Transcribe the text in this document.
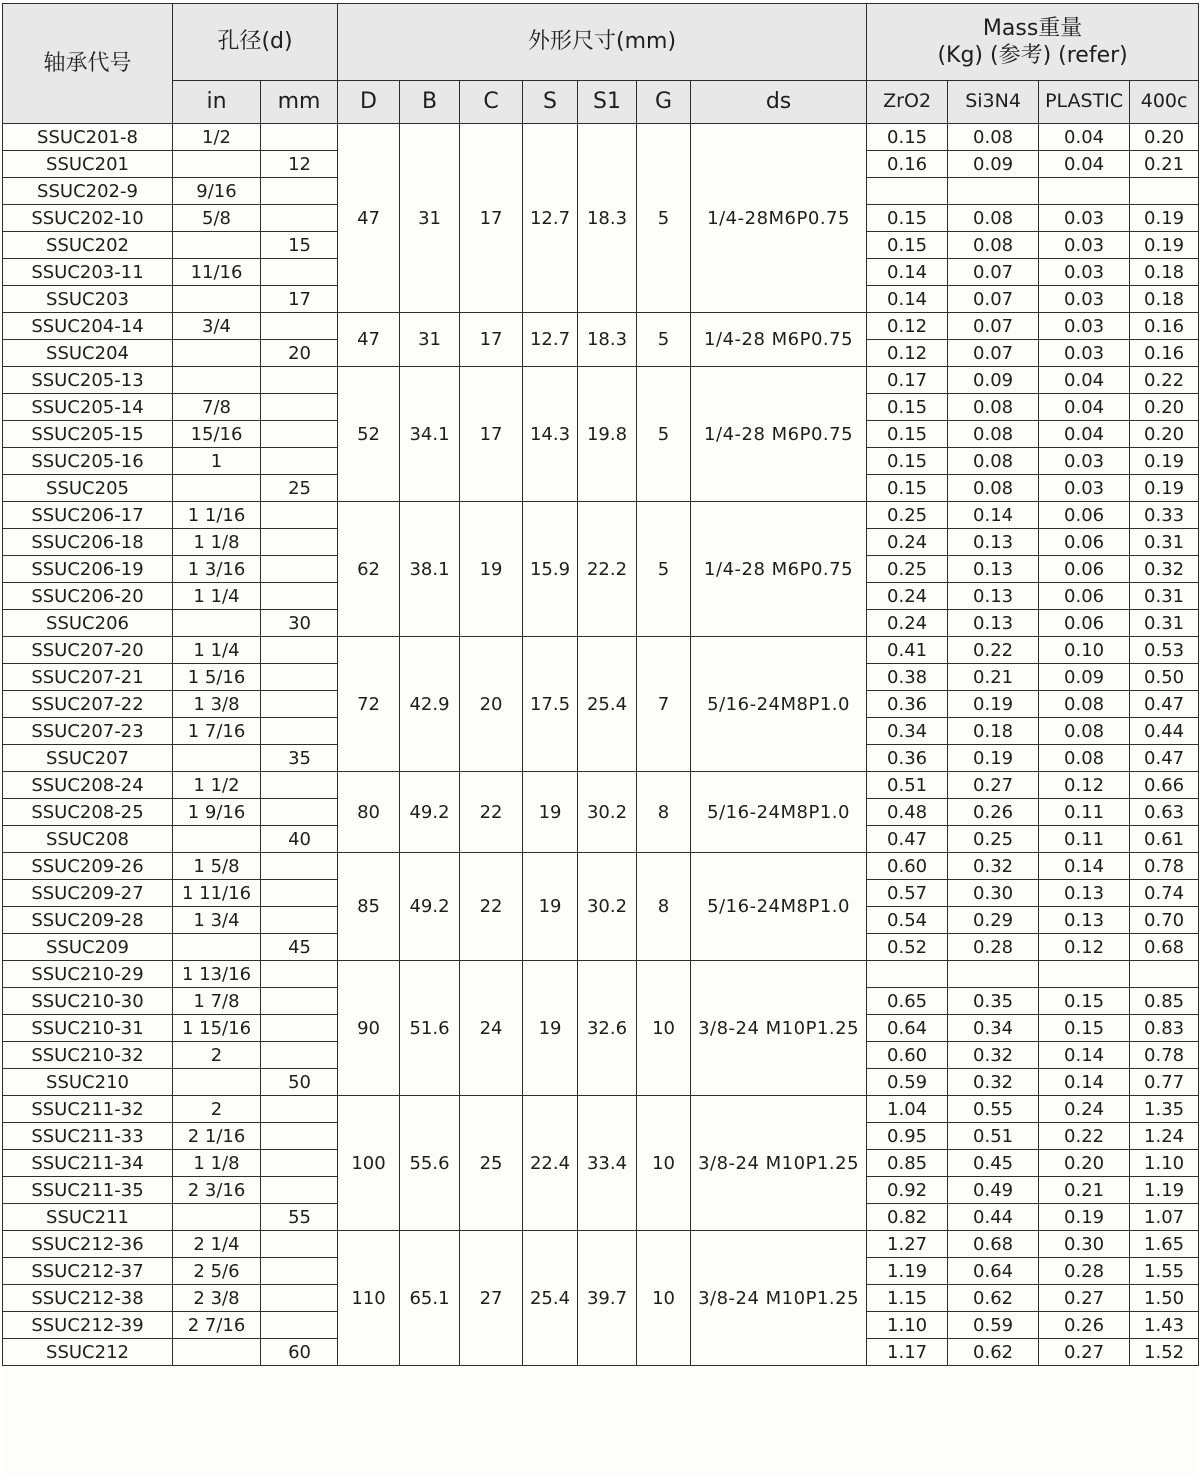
轴承代号	孔径(d)		外形尺寸(mm)							Mass重量
(Kg) (参考) (refer)			

	in	mm	D	B	C	S	S1	G	ds	ZrO2	Si3N4	PLASTIC	400c
SSUC201-8	1/2		47	31	17	12.7	18.3	5	1/4-28M6P0.75	0.15	0.08	0.04	0.20
SSUC201		12								0.16	0.09	0.04	0.21
SSUC202-9	9/16												
SSUC202-10	5/8									0.15	0.08	0.03	0.19
SSUC202		15								0.15	0.08	0.03	0.19
SSUC203-11	11/16									0.14	0.07	0.03	0.18
SSUC203		17								0.14	0.07	0.03	0.18
SSUC204-14	3/4		47	31	17	12.7	18.3	5	1/4-28 M6P0.75	0.12	0.07	0.03	0.16
SSUC204		20								0.12	0.07	0.03	0.16
SSUC205-13			52	34.1	17	14.3	19.8	5	1/4-28 M6P0.75	0.17	0.09	0.04	0.22
SSUC205-14	7/8									0.15	0.08	0.04	0.20
SSUC205-15	15/16									0.15	0.08	0.04	0.20
SSUC205-16	1									0.15	0.08	0.03	0.19
SSUC205		25								0.15	0.08	0.03	0.19
SSUC206-17	1 1/16		62	38.1	19	15.9	22.2	5	1/4-28 M6P0.75	0.25	0.14	0.06	0.33
SSUC206-18	1 1/8									0.24	0.13	0.06	0.31
SSUC206-19	1 3/16									0.25	0.13	0.06	0.32
SSUC206-20	1 1/4									0.24	0.13	0.06	0.31
SSUC206		30								0.24	0.13	0.06	0.31
SSUC207-20	1 1/4		72	42.9	20	17.5	25.4	7	5/16-24M8P1.0	0.41	0.22	0.10	0.53
SSUC207-21	1 5/16									0.38	0.21	0.09	0.50
SSUC207-22	1 3/8									0.36	0.19	0.08	0.47
SSUC207-23	1 7/16									0.34	0.18	0.08	0.44
SSUC207		35								0.36	0.19	0.08	0.47
SSUC208-24	1 1/2		80	49.2	22	19	30.2	8	5/16-24M8P1.0	0.51	0.27	0.12	0.66
SSUC208-25	1 9/16									0.48	0.26	0.11	0.63
SSUC208		40								0.47	0.25	0.11	0.61
SSUC209-26	1 5/8		85	49.2	22	19	30.2	8	5/16-24M8P1.0	0.60	0.32	0.14	0.78
SSUC209-27	1 11/16									0.57	0.30	0.13	0.74
SSUC209-28	1 3/4									0.54	0.29	0.13	0.70
SSUC209		45								0.52	0.28	0.12	0.68
SSUC210-29	1 13/16		90	51.6	24	19	32.6	10	3/8-24 M10P1.25				
SSUC210-30	1 7/8									0.65	0.35	0.15	0.85
SSUC210-31	1 15/16									0.64	0.34	0.15	0.83
SSUC210-32	2									0.60	0.32	0.14	0.78
SSUC210		50								0.59	0.32	0.14	0.77
SSUC211-32	2		100	55.6	25	22.4	33.4	10	3/8-24 M10P1.25	1.04	0.55	0.24	1.35
SSUC211-33	2 1/16									0.95	0.51	0.22	1.24
SSUC211-34	1 1/8									0.85	0.45	0.20	1.10
SSUC211-35	2 3/16									0.92	0.49	0.21	1.19
SSUC211		55								0.82	0.44	0.19	1.07
SSUC212-36	2 1/4		110	65.1	27	25.4	39.7	10	3/8-24 M10P1.25	1.27	0.68	0.30	1.65
SSUC212-37	2 5/6									1.19	0.64	0.28	1.55
SSUC212-38	2 3/8									1.15	0.62	0.27	1.50
SSUC212-39	2 7/16									1.10	0.59	0.26	1.43
SSUC212		60								1.17	0.62	0.27	1.52
